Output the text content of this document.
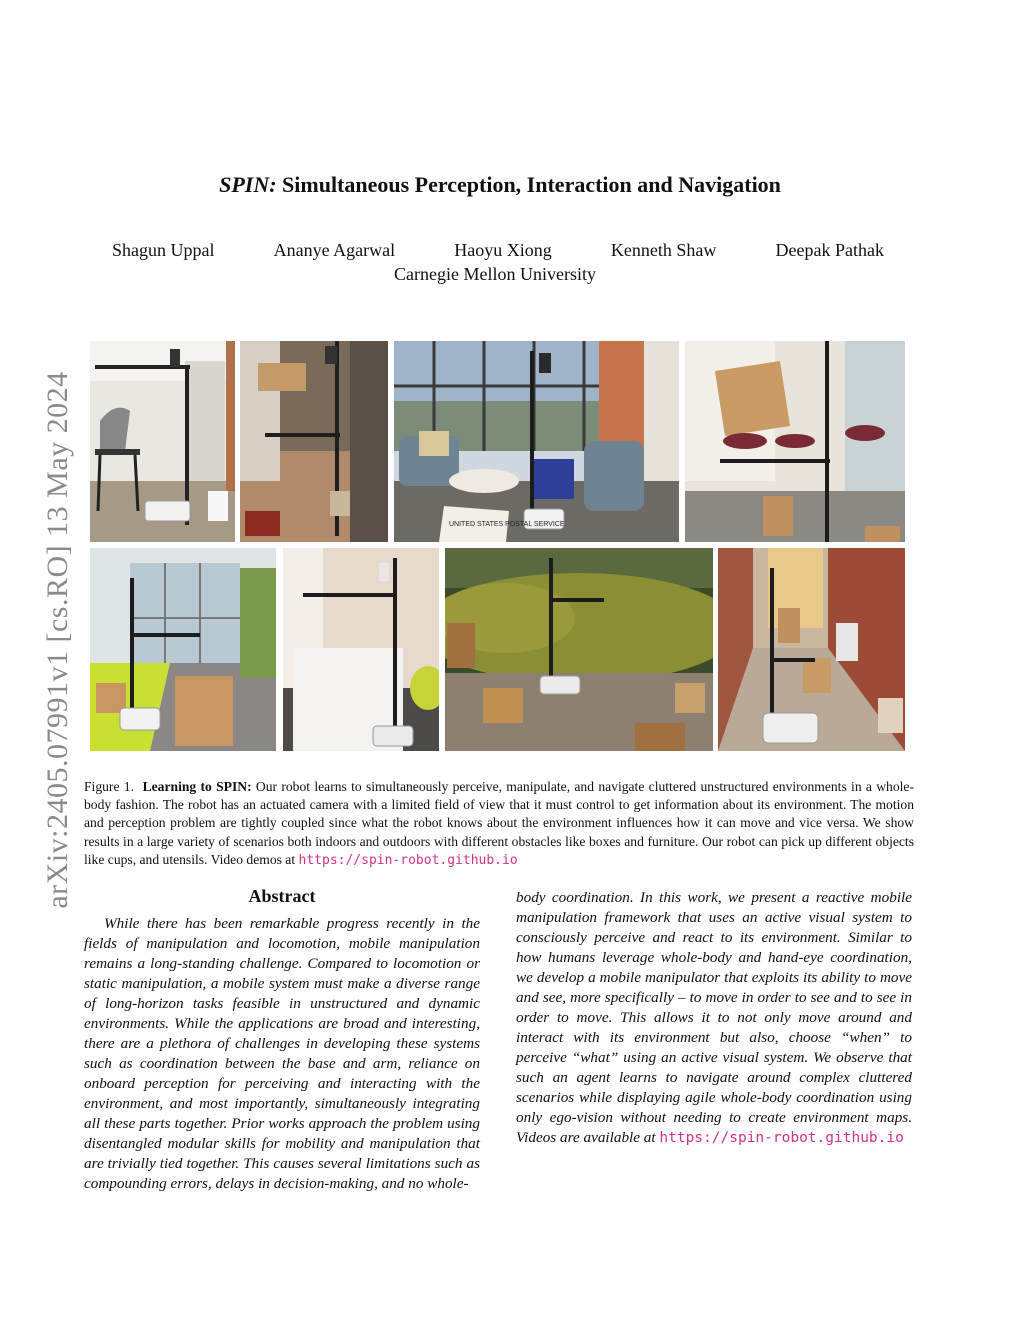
arXiv:2405.07991v1 [cs.RO] 13 May 2024
SPIN: Simultaneous Perception, Interaction and Navigation
Shagun Uppal	Ananye Agarwal	Haoyu Xiong	Kenneth Shaw	Deepak Pathak
Carnegie Mellon University
UNITED STATES POSTAL SERVICE
Figure 1. Learning to SPIN: Our robot learns to simultaneously perceive, manipulate, and navigate cluttered unstructured environments in a whole-body fashion. The robot has an actuated camera with a limited field of view that it must control to get information about its environment. The motion and perception problem are tightly coupled since what the robot knows about the environment influences how it can move and vice versa. We show results in a large variety of scenarios both indoors and outdoors with different obstacles like boxes and furniture. Our robot can pick up different objects like cups, and utensils. Video demos at https://spin-robot.github.io
Abstract
While there has been remarkable progress recently in the fields of manipulation and locomotion, mobile manipulation remains a long-standing challenge. Compared to locomotion or static manipulation, a mobile system must make a diverse range of long-horizon tasks feasible in unstructured and dynamic environments. While the applications are broad and interesting, there are a plethora of challenges in developing these systems such as coordination between the base and arm, reliance on onboard perception for perceiving and interacting with the environment, and most importantly, simultaneously integrating all these parts together. Prior works approach the problem using disentangled modular skills for mobility and manipulation that are trivially tied together. This causes several limitations such as compounding errors, delays in decision-making, and no whole-
body coordination. In this work, we present a reactive mobile manipulation framework that uses an active visual system to consciously perceive and react to its environment. Similar to how humans leverage whole-body and hand-eye coordination, we develop a mobile manipulator that exploits its ability to move and see, more specifically – to move in order to see and to see in order to move. This allows it to not only move around and interact with its environment but also, choose “when” to perceive “what” using an active visual system. We observe that such an agent learns to navigate around complex cluttered scenarios while displaying agile whole-body coordination using only ego-vision without needing to create environment maps. Videos are available at https://spin-robot.github.io
